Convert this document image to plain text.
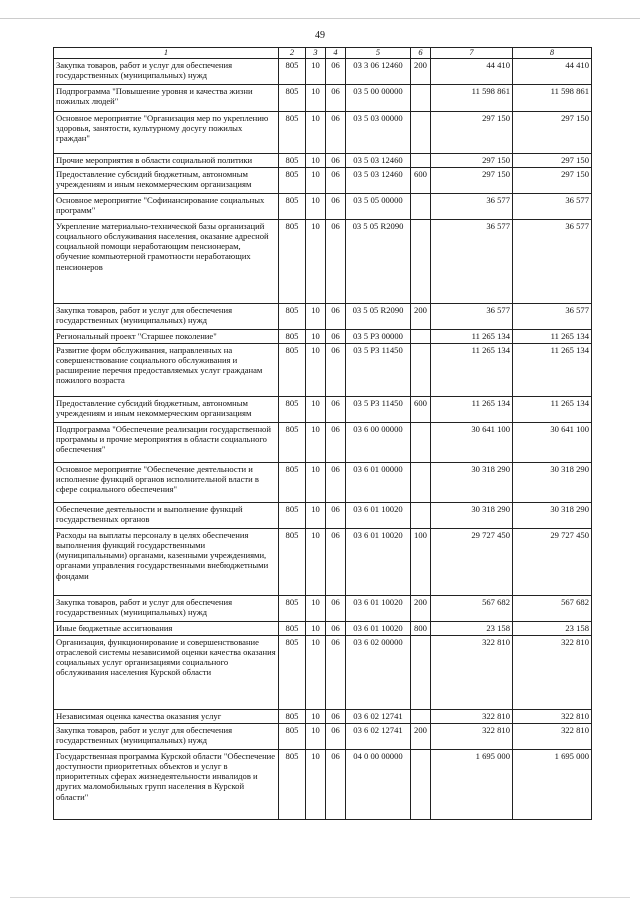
49
1	2	3	4	5	6	7	8
Закупка товаров, работ и услуг для обеспечения государственных (муниципальных) нужд	805	10	06	03 3 06 12460	200	44 410	44 410
Подпрограмма "Повышение уровня и качества жизни пожилых людей"	805	10	06	03 5 00 00000		11 598 861	11 598 861
Основное мероприятие "Организация мер по укреплению здоровья, занятости, культурному досугу пожилых граждан"	805	10	06	03 5 03 00000		297 150	297 150
Прочие мероприятия в области социальной политики	805	10	06	03 5 03 12460		297 150	297 150
Предоставление субсидий бюджетным, автономным учреждениям и иным некоммерческим организациям	805	10	06	03 5 03 12460	600	297 150	297 150
Основное мероприятие "Софинансирование социальных программ"	805	10	06	03 5 05 00000		36 577	36 577
Укрепление материально-технической базы организаций социального обслуживания населения, оказание адресной социальной помощи неработающим пенсионерам, обучение компьютерной грамотности неработающих пенсионеров	805	10	06	03 5 05 R2090		36 577	36 577
Закупка товаров, работ и услуг для обеспечения государственных (муниципальных) нужд	805	10	06	03 5 05 R2090	200	36 577	36 577
Региональный проект "Старшее поколение"	805	10	06	03 5 P3 00000		11 265 134	11 265 134
Развитие форм обслуживания, направленных на совершенствование социального обслуживания и расширение перечня предоставляемых услуг гражданам пожилого возраста	805	10	06	03 5 P3 11450		11 265 134	11 265 134
Предоставление субсидий бюджетным, автономным учреждениям и иным некоммерческим организациям	805	10	06	03 5 P3 11450	600	11 265 134	11 265 134
Подпрограмма "Обеспечение реализации государственной программы и прочие мероприятия в области социального обеспечения"	805	10	06	03 6 00 00000		30 641 100	30 641 100
Основное мероприятие "Обеспечение деятельности и исполнение функций органов исполнительной власти в сфере социального обеспечения"	805	10	06	03 6 01 00000		30 318 290	30 318 290
Обеспечение деятельности и выполнение функций государственных органов	805	10	06	03 6 01 10020		30 318 290	30 318 290
Расходы на выплаты персоналу в целях обеспечения выполнения функций государственными (муниципальными) органами, казенными учреждениями, органами управления государственными внебюджетными фондами	805	10	06	03 6 01 10020	100	29 727 450	29 727 450
Закупка товаров, работ и услуг для обеспечения государственных (муниципальных) нужд	805	10	06	03 6 01 10020	200	567 682	567 682
Иные бюджетные ассигнования	805	10	06	03 6 01 10020	800	23 158	23 158
Организация, функционирование и совершенствование отраслевой системы независимой оценки качества оказания социальных услуг организациями социального обслуживания населения Курской области	805	10	06	03 6 02 00000		322 810	322 810
Независимая оценка качества оказания услуг	805	10	06	03 6 02 12741		322 810	322 810
Закупка товаров, работ и услуг для обеспечения государственных (муниципальных) нужд	805	10	06	03 6 02 12741	200	322 810	322 810
Государственная программа Курской области "Обеспечение доступности приоритетных объектов и услуг в приоритетных сферах жизнедеятельности инвалидов и других маломобильных групп населения в Курской области"	805	10	06	04 0 00 00000		1 695 000	1 695 000
